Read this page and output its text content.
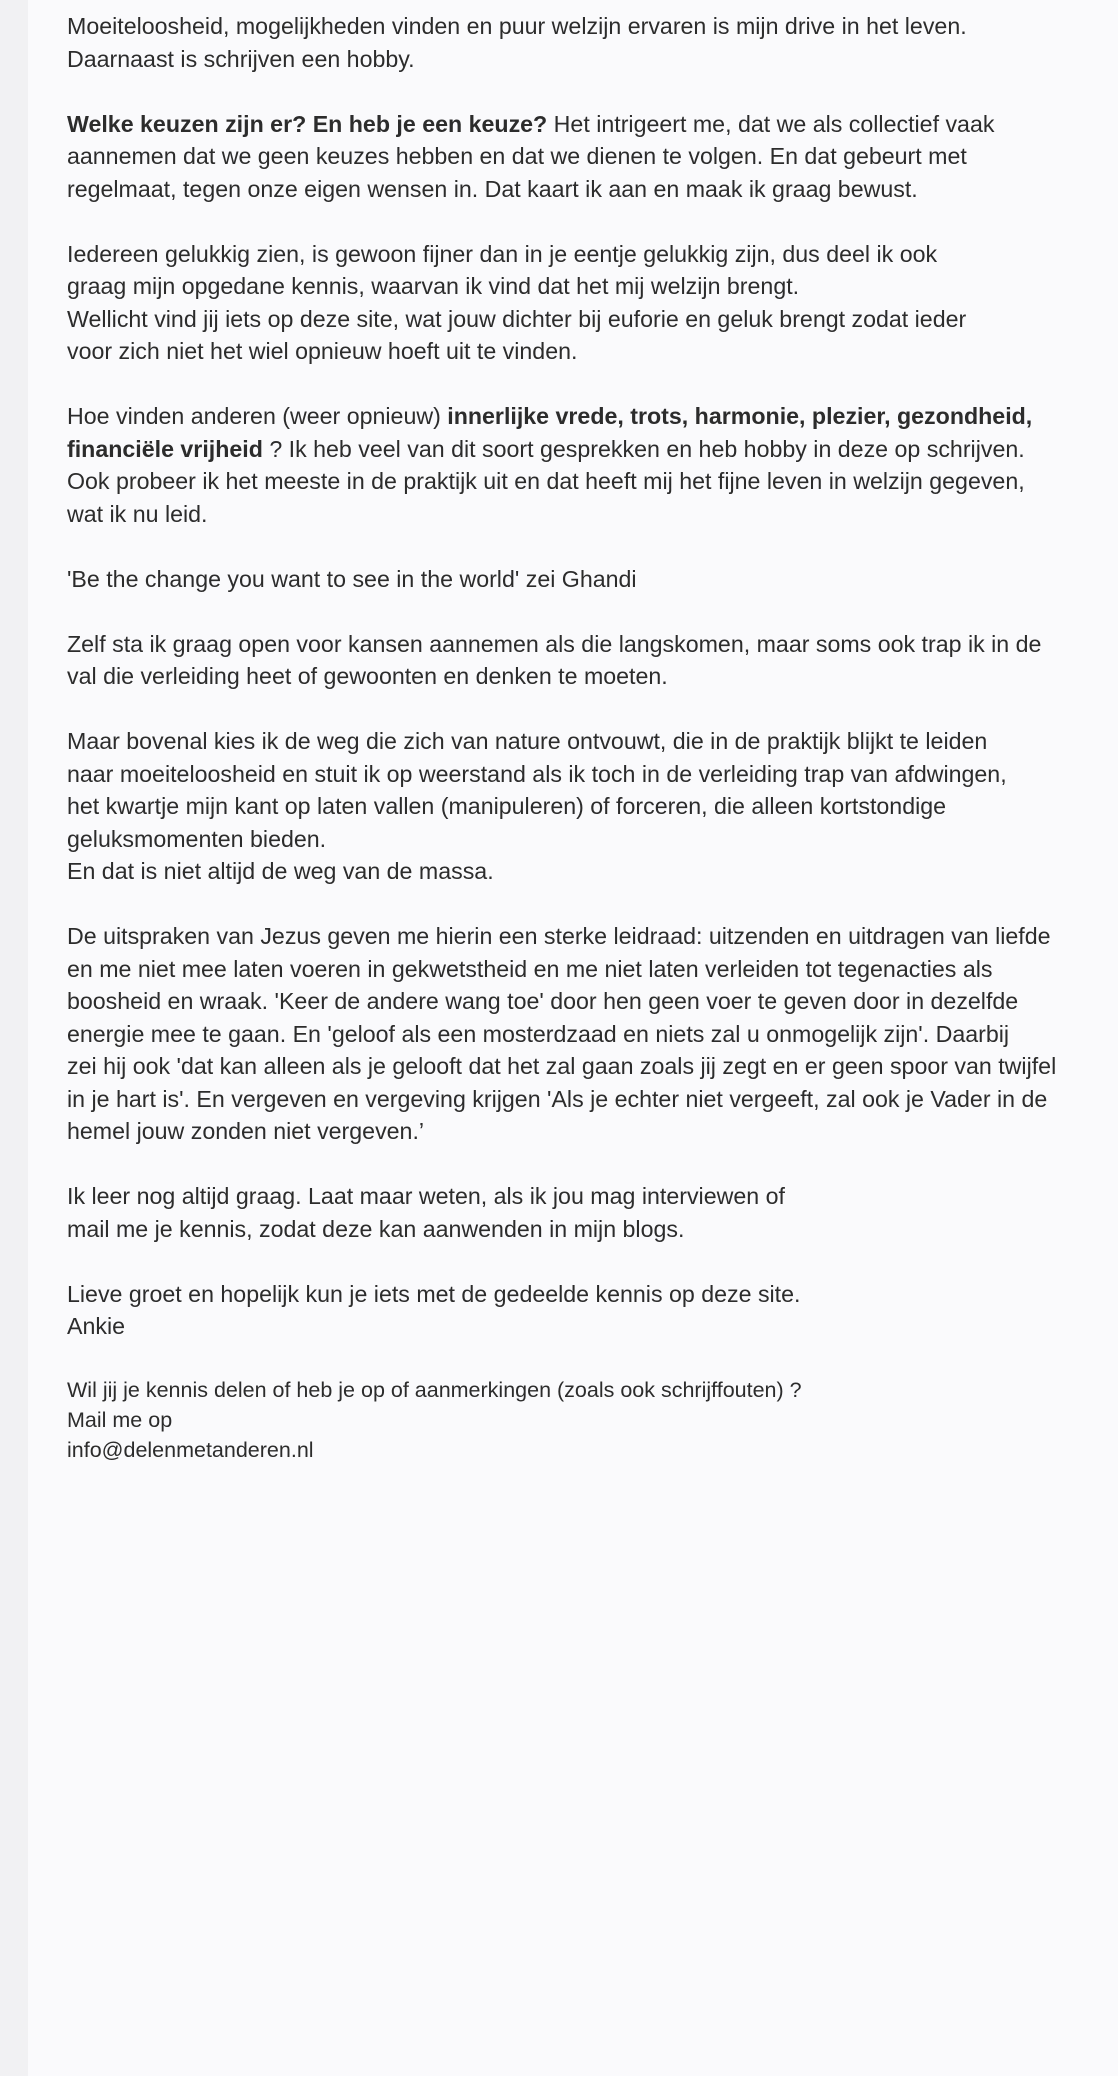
Moeiteloosheid, mogelijkheden vinden en puur welzijn ervaren is mijn drive in het leven.
Daarnaast is schrijven een hobby.

Welke keuzen zijn er? En heb je een keuze? Het intrigeert me, dat we als collectief vaak
aannemen dat we geen keuzes hebben en dat we dienen te volgen. En dat gebeurt met
regelmaat, tegen onze eigen wensen in. Dat kaart ik aan en maak ik graag bewust.

Iedereen gelukkig zien, is gewoon fijner dan in je eentje gelukkig zijn, dus deel ik ook
graag mijn opgedane kennis, waarvan ik vind dat het mij welzijn brengt.
Wellicht vind jij iets op deze site, wat jouw dichter bij euforie en geluk brengt zodat ieder
voor zich niet het wiel opnieuw hoeft uit te vinden.

Hoe vinden anderen (weer opnieuw) innerlijke vrede, trots, harmonie, plezier, gezondheid,
financiële vrijheid ? Ik heb veel van dit soort gesprekken en heb hobby in deze op schrijven.
Ook probeer ik het meeste in de praktijk uit en dat heeft mij het fijne leven in welzijn gegeven,
wat ik nu leid.

'Be the change you want to see in the world' zei Ghandi

Zelf sta ik graag open voor kansen aannemen als die langskomen, maar soms ook trap ik in de
val die verleiding heet of gewoonten en denken te moeten.

Maar bovenal kies ik de weg die zich van nature ontvouwt, die in de praktijk blijkt te leiden
naar moeiteloosheid en stuit ik op weerstand als ik toch in de verleiding trap van afdwingen,
het kwartje mijn kant op laten vallen (manipuleren) of forceren, die alleen kortstondige
geluksmomenten bieden.
En dat is niet altijd de weg van de massa.

De uitspraken van Jezus geven me hierin een sterke leidraad: uitzenden en uitdragen van liefde
en me niet mee laten voeren in gekwetstheid en me niet laten verleiden tot tegenacties als
boosheid en wraak. 'Keer de andere wang toe' door hen geen voer te geven door in dezelfde
energie mee te gaan. En 'geloof als een mosterdzaad en niets zal u onmogelijk zijn'. Daarbij
zei hij ook 'dat kan alleen als je gelooft dat het zal gaan zoals jij zegt en er geen spoor van twijfel
in je hart is'. En vergeven en vergeving krijgen 'Als je echter niet vergeeft, zal ook je Vader in de
hemel jouw zonden niet vergeven.’

Ik leer nog altijd graag. Laat maar weten, als ik jou mag interviewen of
mail me je kennis, zodat deze kan aanwenden in mijn blogs.

Lieve groet en hopelijk kun je iets met de gedeelde kennis op deze site.
Ankie

Wil jij je kennis delen of heb je op of aanmerkingen (zoals ook schrijffouten) ?
Mail me op
info@delenmetanderen.nl
